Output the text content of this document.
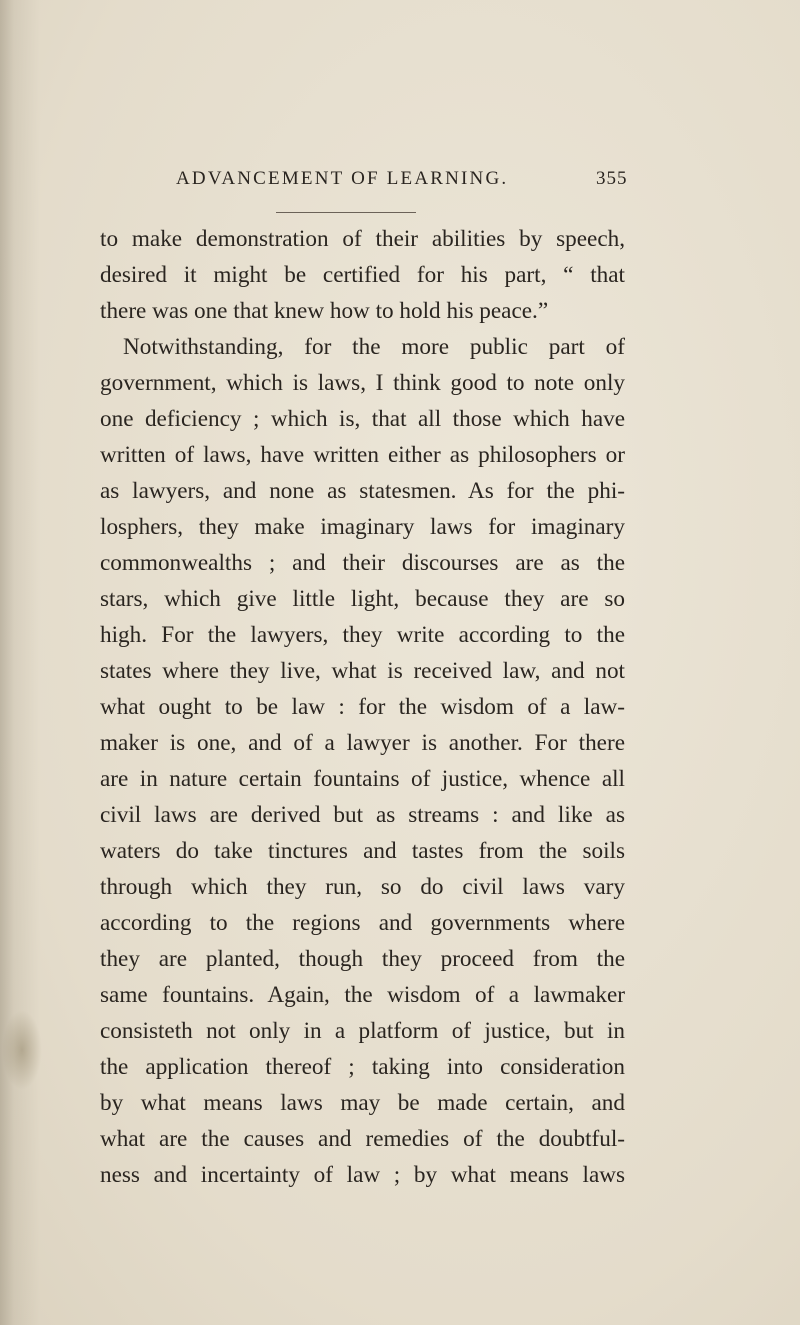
ADVANCEMENT OF LEARNING.	355
to make demonstration of their abilities by speech,
desired it might be certified for his part, “ that
there was one that knew how to hold his peace.”
Notwithstanding, for the more public part of
government, which is laws, I think good to note only
one deficiency ; which is, that all those which have
written of laws, have written either as philosophers or
as lawyers, and none as statesmen. As for the phi-
losphers, they make imaginary laws for imaginary
commonwealths ; and their discourses are as the
stars, which give little light, because they are so
high. For the lawyers, they write according to the
states where they live, what is received law, and not
what ought to be law : for the wisdom of a law-
maker is one, and of a lawyer is another. For there
are in nature certain fountains of justice, whence all
civil laws are derived but as streams : and like as
waters do take tinctures and tastes from the soils
through which they run, so do civil laws vary
according to the regions and governments where
they are planted, though they proceed from the
same fountains. Again, the wisdom of a lawmaker
consisteth not only in a platform of justice, but in
the application thereof ; taking into consideration
by what means laws may be made certain, and
what are the causes and remedies of the doubtful-
ness and incertainty of law ; by what means laws
